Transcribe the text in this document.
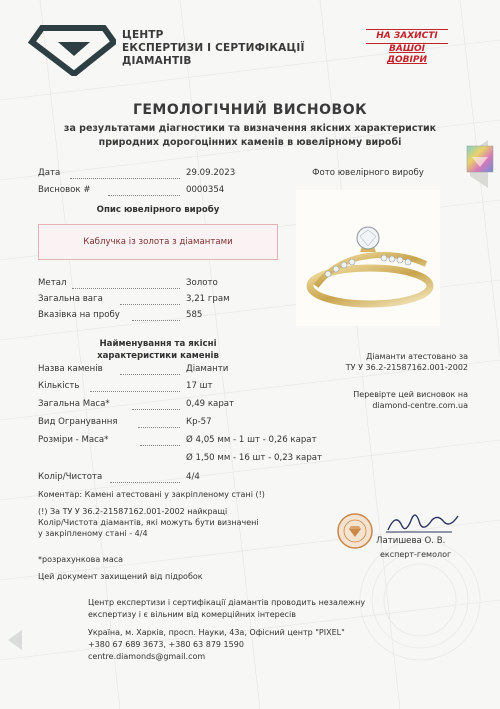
ЦЕНТР
ЕКСПЕРТИЗИ І СЕРТИФІКАЦІЇ
ДІАМАНТІВ
НА ЗАХИСТІ
ВАШОЇ
ДОВІРИ
ГЕМОЛОГІЧНИЙ ВИСНОВОК
за результатами діагностики та визначення якісних характеристик
природних дорогоцінних каменів в ювелірному виробі
Дата	29.09.2023
Висновок #	0000354
Опис ювелірного виробу
Каблучка із золота з діамантами
Метал	Золото
Загальна вага	3,21 грам
Вказівка на пробу	585
Фото ювелірного виробу
Найменування та якісні
характеристики каменів
Назва каменів	Діаманти
Кількість	17 шт
Загальна Маса*	0,49 карат
Вид Огранування	Кр-57
Розміри - Маса*	Ø 4,05 мм - 1 шт - 0,26 карат
Ø 1,50 мм - 16 шт - 0,23 карат
Колір/Чистота	4/4
Діаманти атестовано за
ТУ У 36.2-21587162.001-2002
Перевірте цей висновок на
diamond-centre.com.ua
Коментар: Камені атестовані у закріпленому стані (!)
(!) За ТУ У 36.2-21587162.001-2002 найкращі
Колір/Чистота діамантів, які можуть бути визначені
у закріпленому стані - 4/4
*розрахункова маса
Цей документ захищений від підробок
Латишева О. В.
експерт-гемолог
Центр експертизи і сертифікації діамантів проводить незалежну
експертизу і є вільним від комерційних інтересів
Україна, м. Харків, просп. Науки, 43а, Офісний центр "PIXEL"
+380 67 689 3673, +380 63 879 1590
centre.diamonds@gmail.com
